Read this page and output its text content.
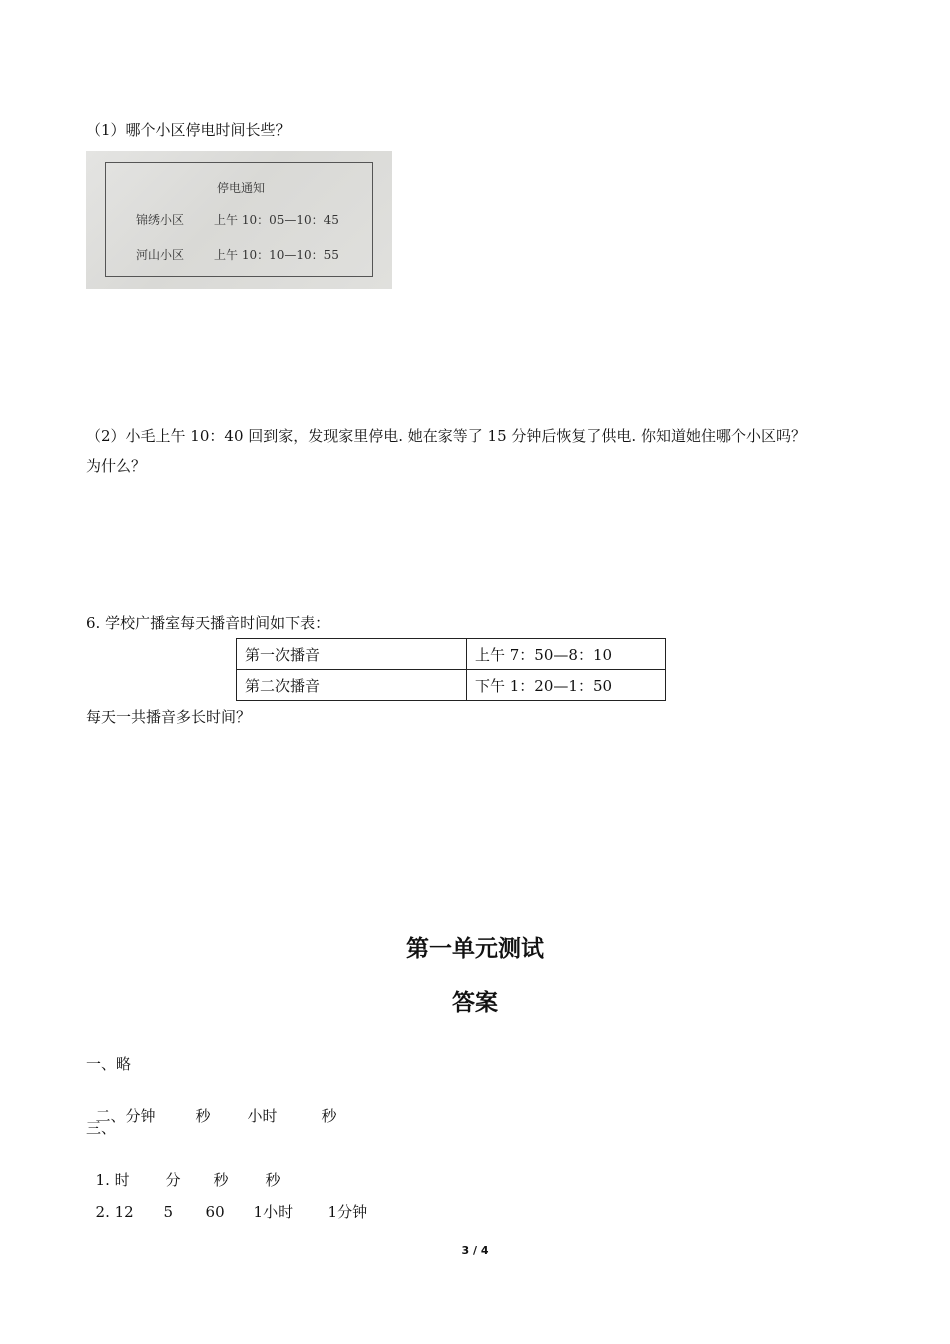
（1）哪个小区停电时间长些？
停电通知
锦绣小区 上午 10：05—10：45
河山小区 上午 10：10—10：55
（2）小毛上午 10：40 回到家，发现家里停电. 她在家等了 15 分钟后恢复了供电. 你知道她住哪个小区吗？
为什么？
6. 学校广播室每天播音时间如下表：
第一次播音	上午 7：50—8：10
第二次播音	下午 1：20—1：50
每天一共播音多长时间？
第一单元测试
答案
一、略

二、分钟	秒 小时	秒

三、

1. 时 分 秒 秒

2. 12 5 60 1小时 1分钟

3 / 4
